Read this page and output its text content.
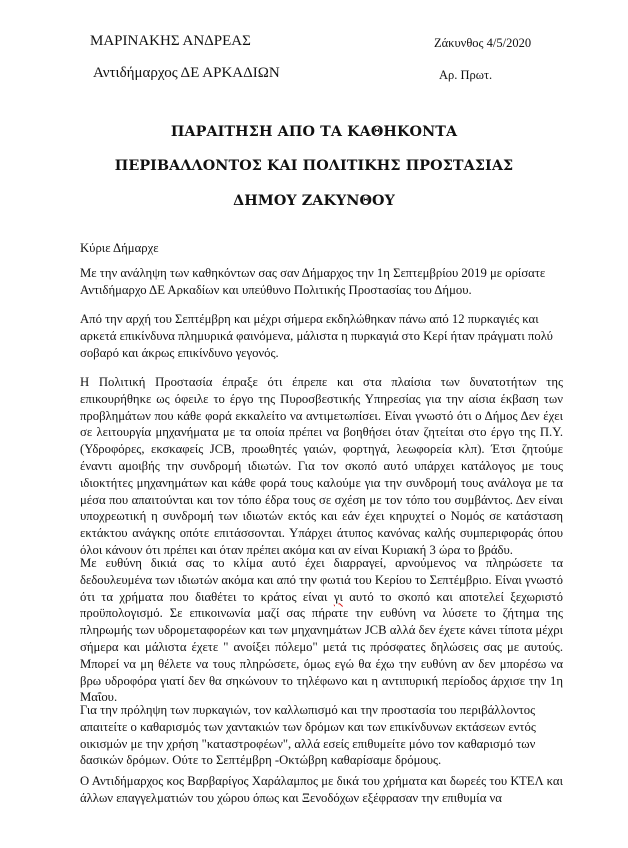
ΜΑΡΙΝΑΚΗΣ ΑΝΔΡΕΑΣ
Αντιδήμαρχος ΔΕ ΑΡΚΑΔΙΩΝ
Ζάκυνθος 4/5/2020
Αρ. Πρωτ.
ΠΑΡΑΙΤΗΣΗ ΑΠΟ ΤΑ ΚΑΘΗΚΟΝΤΑ
ΠΕΡΙΒΑΛΛΟΝΤΟΣ ΚΑΙ ΠΟΛΙΤΙΚΗΣ ΠΡΟΣΤΑΣΙΑΣ
ΔΗΜΟΥ ΖΑΚΥΝΘΟΥ

Κύριε Δήμαρχε

Με την ανάληψη των καθηκόντων σας σαν Δήμαρχος την 1η Σεπτεμβρίου 2019 με ορίσατε Αντιδήμαρχο ΔΕ Αρκαδίων και υπεύθυνο Πολιτικής Προστασίας του Δήμου.

Από την αρχή του Σεπτέμβρη και μέχρι σήμερα εκδηλώθηκαν πάνω από 12 πυρκαγιές και αρκετά επικίνδυνα πλημυρικά φαινόμενα, μάλιστα η πυρκαγιά στο Κερί ήταν πράγματι πολύ σοβαρό και άκρως επικίνδυνο γεγονός.

Η Πολιτική Προστασία έπραξε ότι έπρεπε και στα πλαίσια των δυνατοτήτων της επικουρήθηκε ως όφειλε το έργο της Πυροσβεστικής Υπηρεσίας για την αίσια έκβαση των προβλημάτων που κάθε φορά εκκαλείτο να αντιμετωπίσει. Είναι γνωστό ότι ο Δήμος Δεν έχει σε λειτουργία μηχανήματα με τα οποία πρέπει να βοηθήσει όταν ζητείται στο έργο της Π.Υ. (Υδροφόρες, εκσκαφείς JCB, προωθητές γαιών, φορτηγά, λεωφορεία κλπ). Έτσι ζητούμε έναντι αμοιβής την συνδρομή ιδιωτών. Για τον σκοπό αυτό υπάρχει κατάλογος με τους ιδιοκτήτες μηχανημάτων και κάθε φορά τους καλούμε για την συνδρομή τους ανάλογα με τα μέσα που απαιτούνται και τον τόπο έδρα τους σε σχέση με τον τόπο του συμβάντος. Δεν είναι υποχρεωτική η συνδρομή των ιδιωτών εκτός και εάν έχει κηρυχτεί ο Νομός σε κατάσταση εκτάκτου ανάγκης οπότε επιτάσσονται. Υπάρχει άτυπος κανόνας καλής συμπεριφοράς όπου όλοι κάνουν ότι πρέπει και όταν πρέπει ακόμα και αν είναι Κυριακή 3 ώρα το βράδυ.

Με ευθύνη δικιά σας το κλίμα αυτό έχει διαρραγεί, αρνούμενος να πληρώσετε τα δεδουλευμένα των ιδιωτών ακόμα και από την φωτιά του Κερίου το Σεπτέμβριο. Είναι γνωστό ότι τα χρήματα που διαθέτει το κράτος είναι γι αυτό το σκοπό και αποτελεί ξεχωριστό προϋπολογισμό. Σε επικοινωνία μαζί σας πήρατε την ευθύνη να λύσετε το ζήτημα της πληρωμής των υδρομεταφορέων και των μηχανημάτων JCB αλλά δεν έχετε κάνει τίποτα μέχρι σήμερα και μάλιστα έχετε " ανοίξει πόλεμο" μετά τις πρόσφατες δηλώσεις σας με αυτούς. Μπορεί να μη θέλετε να τους πληρώσετε, όμως εγώ θα έχω την ευθύνη αν δεν μπορέσω να βρω υδροφόρα γιατί δεν θα σηκώνουν το τηλέφωνο και η αντιπυρική περίοδος άρχισε την 1η Μαΐου.

Για την πρόληψη των πυρκαγιών, τον καλλωπισμό και την προστασία του περιβάλλοντος απαιτείτε ο καθαρισμός των χαντακιών των δρόμων και των επικίνδυνων εκτάσεων εντός οικισμών με την χρήση "καταστροφέων", αλλά εσείς επιθυμείτε μόνο τον καθαρισμό των δασικών δρόμων. Ούτε το Σεπτέμβρη -Οκτώβρη καθαρίσαμε δρόμους.

Ο Αντιδήμαρχος κος Βαρβαρίγος Χαράλαμπος με δικά του χρήματα και δωρεές του ΚΤΕΛ και άλλων επαγγελματιών του χώρου όπως και Ξενοδόχων εξέφρασαν την επιθυμία να
